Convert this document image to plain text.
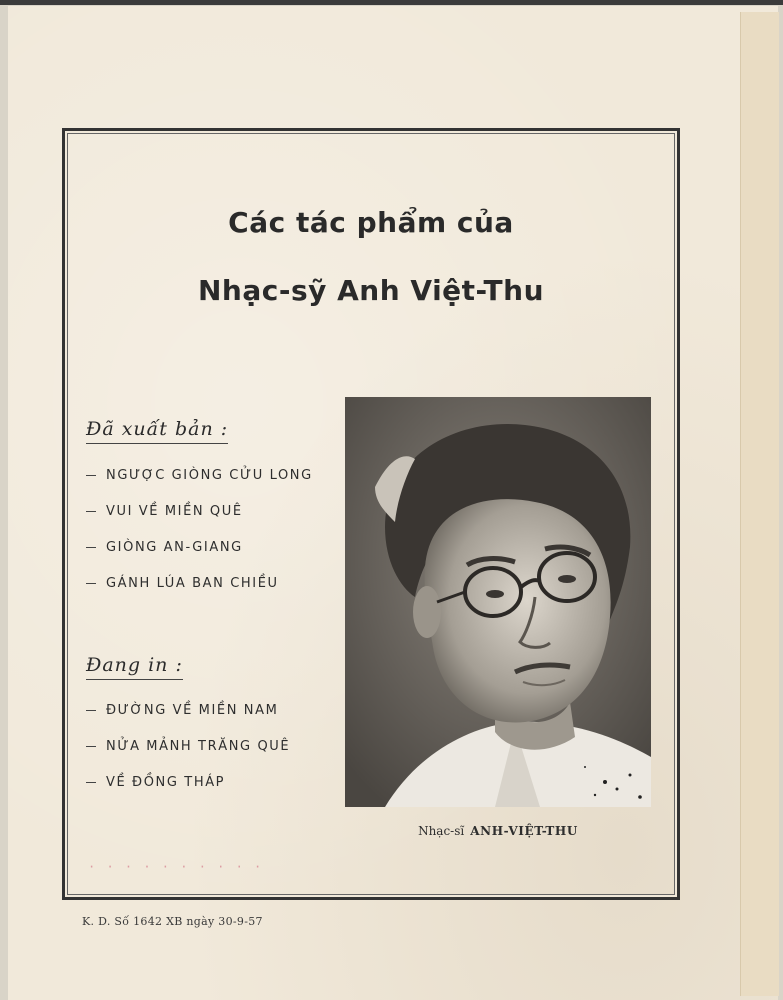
Các tác phẩm của
Nhạc-sỹ Anh Việt-Thu
Đã xuất bản :
NGƯỢC GIÒNG CỬU LONG
VUI VỀ MIỀN QUÊ
GIÒNG AN-GIANG
GÁNH LÚA BAN CHIỀU
Đang in :
ĐƯỜNG VỀ MIỀN NAM
NỬA MẢNH TRĂNG QUÊ
VỀ ĐỒNG THÁP
Nhạc-sĩ ANH-VIỆT-THU
· · · · · · · · · ·
K. D. Số 1642 XB ngày 30-9-57
